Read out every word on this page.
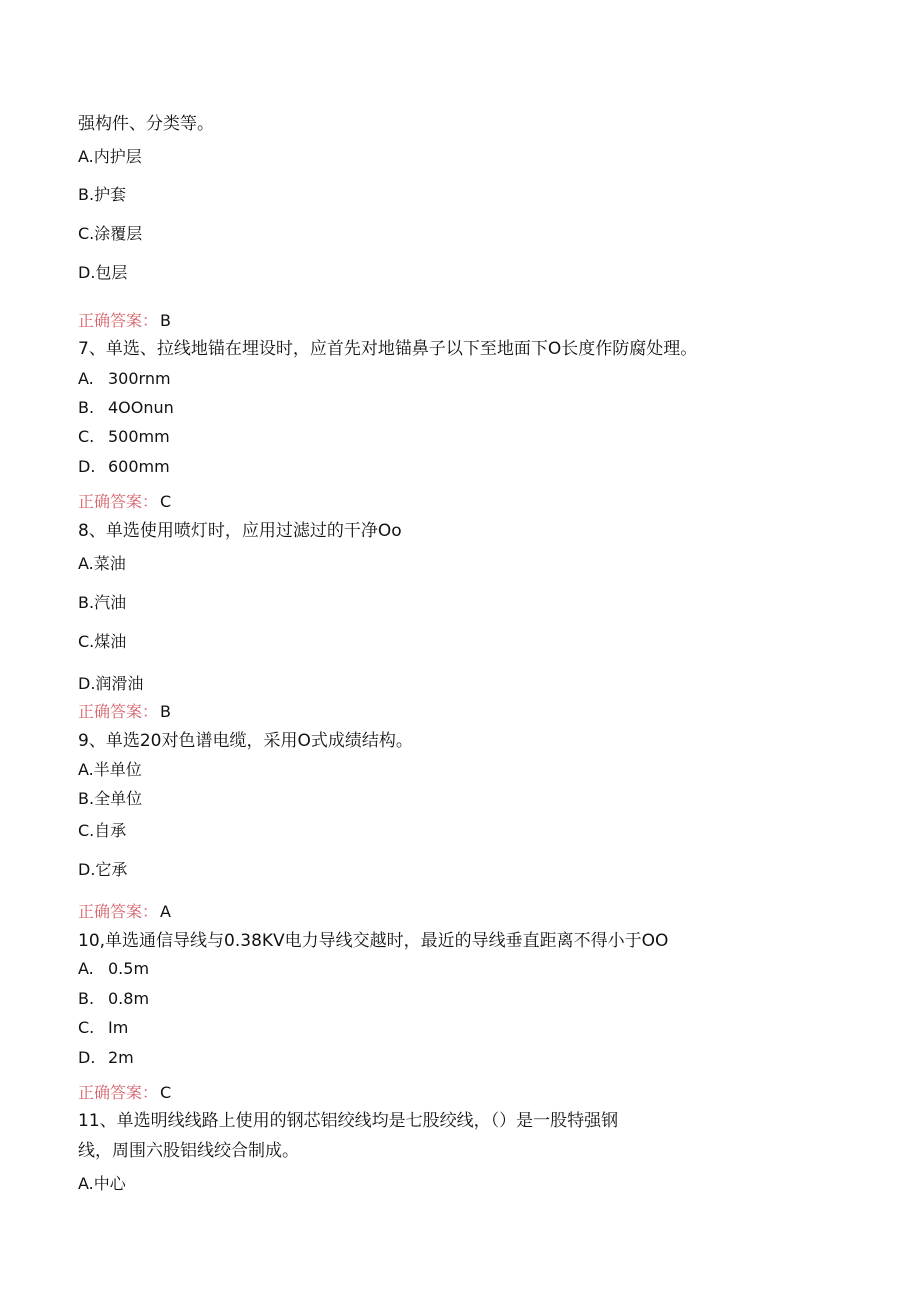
强构件、分类等。
A.内护层
B.护套
C.涂覆层
D.包层
正确答案： B
7、单选、拉线地锚在埋设时，应首先对地锚鼻子以下至地面下O长度作防腐处理。
A. 300rnm
B. 4OOnun
C. 500mm
D. 600mm
正确答案： C
8、单选使用喷灯时，应用过滤过的干净Oo
A.菜油
B.汽油
C.煤油
D.润滑油
正确答案： B
9、单选20对色谱电缆，采用O式成绩结构。
A.半单位
B.全单位
C.自承
D.它承
正确答案： A
10,单选通信导线与0.38KV电力导线交越时，最近的导线垂直距离不得小于OO
A. 0.5m
B. 0.8m
C. Im
D. 2m
正确答案： C
11、单选明线线路上使用的钢芯铝绞线均是七股绞线，（）是一股特强钢
线，周围六股铝线绞合制成。
A.中心
